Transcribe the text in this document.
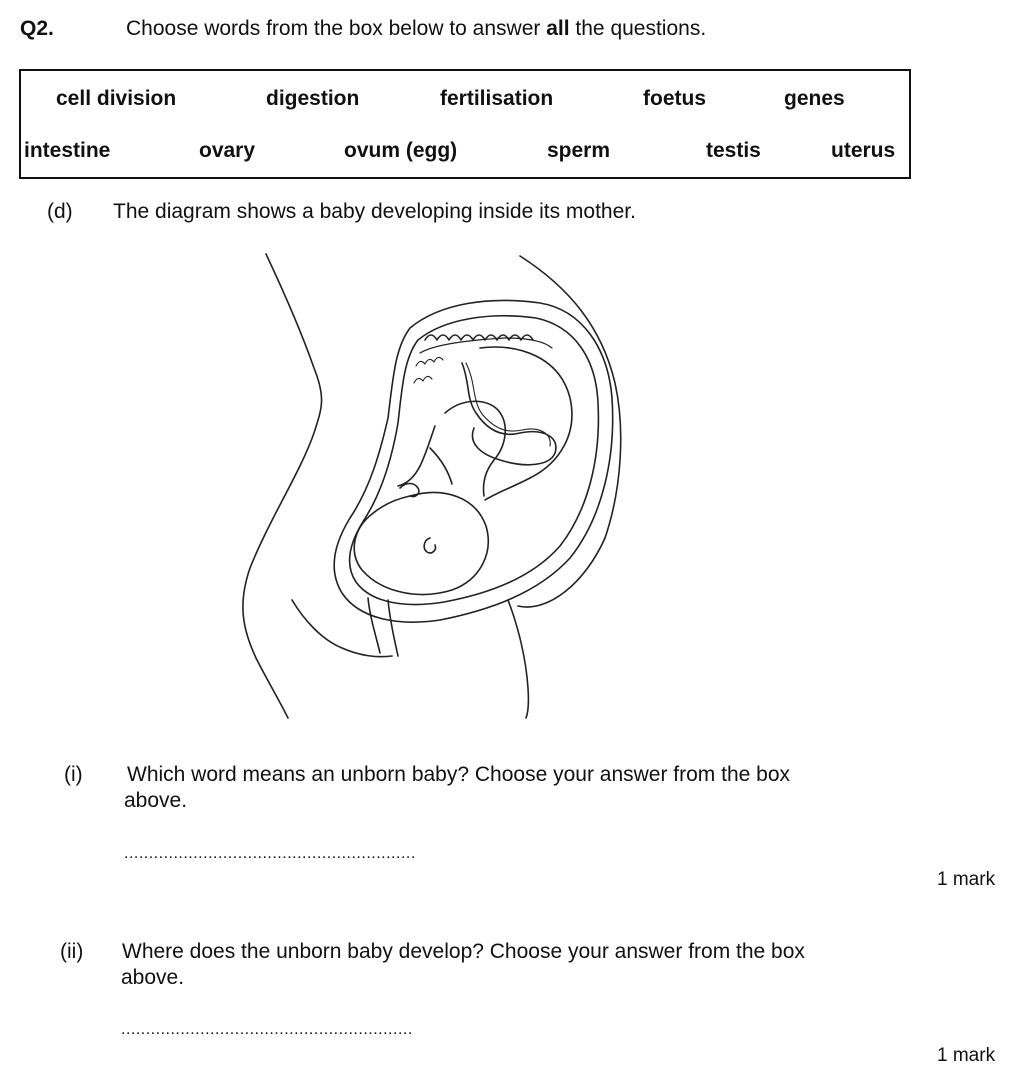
Q2.	Choose words from the box below to answer all the questions.
cell division	digestion	fertilisation	foetus	genes
intestine	ovary	ovum (egg)	sperm	testis	uterus
(d) The diagram shows a baby developing inside its mother.
(i) Which word means an unborn baby? Choose your answer from the box
above.
...........................................................
1 mark
(ii) Where does the unborn baby develop? Choose your answer from the box
above.
...........................................................
1 mark
